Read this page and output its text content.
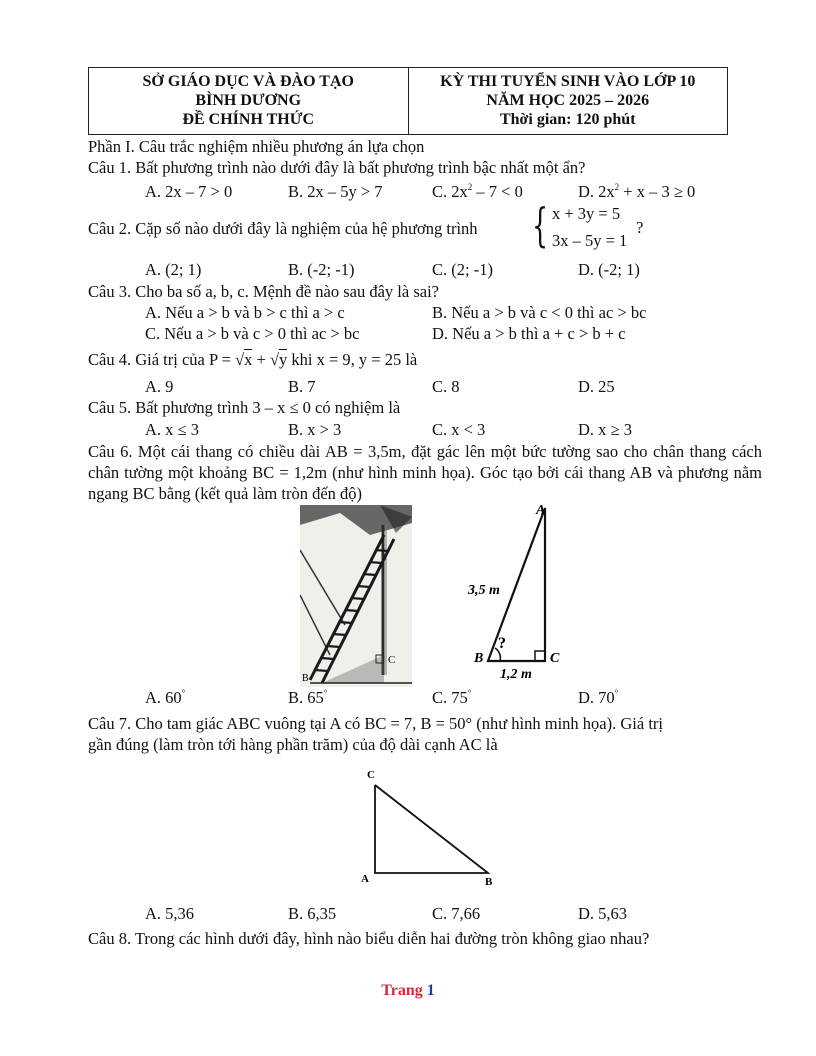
SỞ GIÁO DỤC VÀ ĐÀO TẠO
BÌNH DƯƠNG
ĐỀ CHÍNH THỨC

KỲ THI TUYỂN SINH VÀO LỚP 10
NĂM HỌC 2025 – 2026
Thời gian: 120 phút
Phần I. Câu trắc nghiệm nhiều phương án lựa chọn
Câu 1. Bất phương trình nào dưới đây là bất phương trình bậc nhất một ẩn?
A. 2x – 7 > 0	B. 2x – 5y > 7	C. $2x^2 - 7 < 0$	D. $2x^2 + x - 3 \ge 0$
Câu 2. Cặp số nào dưới đây là nghiệm của hệ phương trình { x + 3y = 5
3x – 5y = 1
?
A. (2; 1)	B. (-2; -1)	C. (2; -1)	D. (-2; 1)
Câu 3. Cho ba số a, b, c. Mệnh đề nào sau đây là sai?
A. Nếu a > b và b > c thì a > c	B. Nếu a > b và c < 0 thì ac > bc
C. Nếu a > b và c > 0 thì ac > bc	D. Nếu a > b thì a + c > b + c
Câu 4. Giá trị của P = √x + √y khi x = 9, y = 25 là
A. 9	B. 7	C. 8	D. 25
Câu 5. Bất phương trình 3 – x ≤ 0 có nghiệm là
A. x ≤ 3	B. x > 3	C. x < 3	D. x ≥ 3
Câu 6. Một cái thang có chiều dài AB = 3,5m, đặt gác lên một bức tường sao cho chân thang cách chân tường một khoảng BC = 1,2m (như hình minh họa). Góc tạo bởi cái thang AB và phương nằm ngang BC bằng (kết quả làm tròn đến độ)
C
B
A
3,5 m
?
B	C
1,2 m
A. 60°	B. 65°	C. 75°	D. 70°
Câu 7. Cho tam giác ABC vuông tại A có BC = 7, B = 50° (như hình minh họa). Giá trị
gần đúng (làm tròn tới hàng phần trăm) của độ dài cạnh AC là
C
A	B
A. 5,36	B. 6,35	C. 7,66	D. 5,63
Câu 8. Trong các hình dưới đây, hình nào biểu diễn hai đường tròn không giao nhau?
Trang 1
